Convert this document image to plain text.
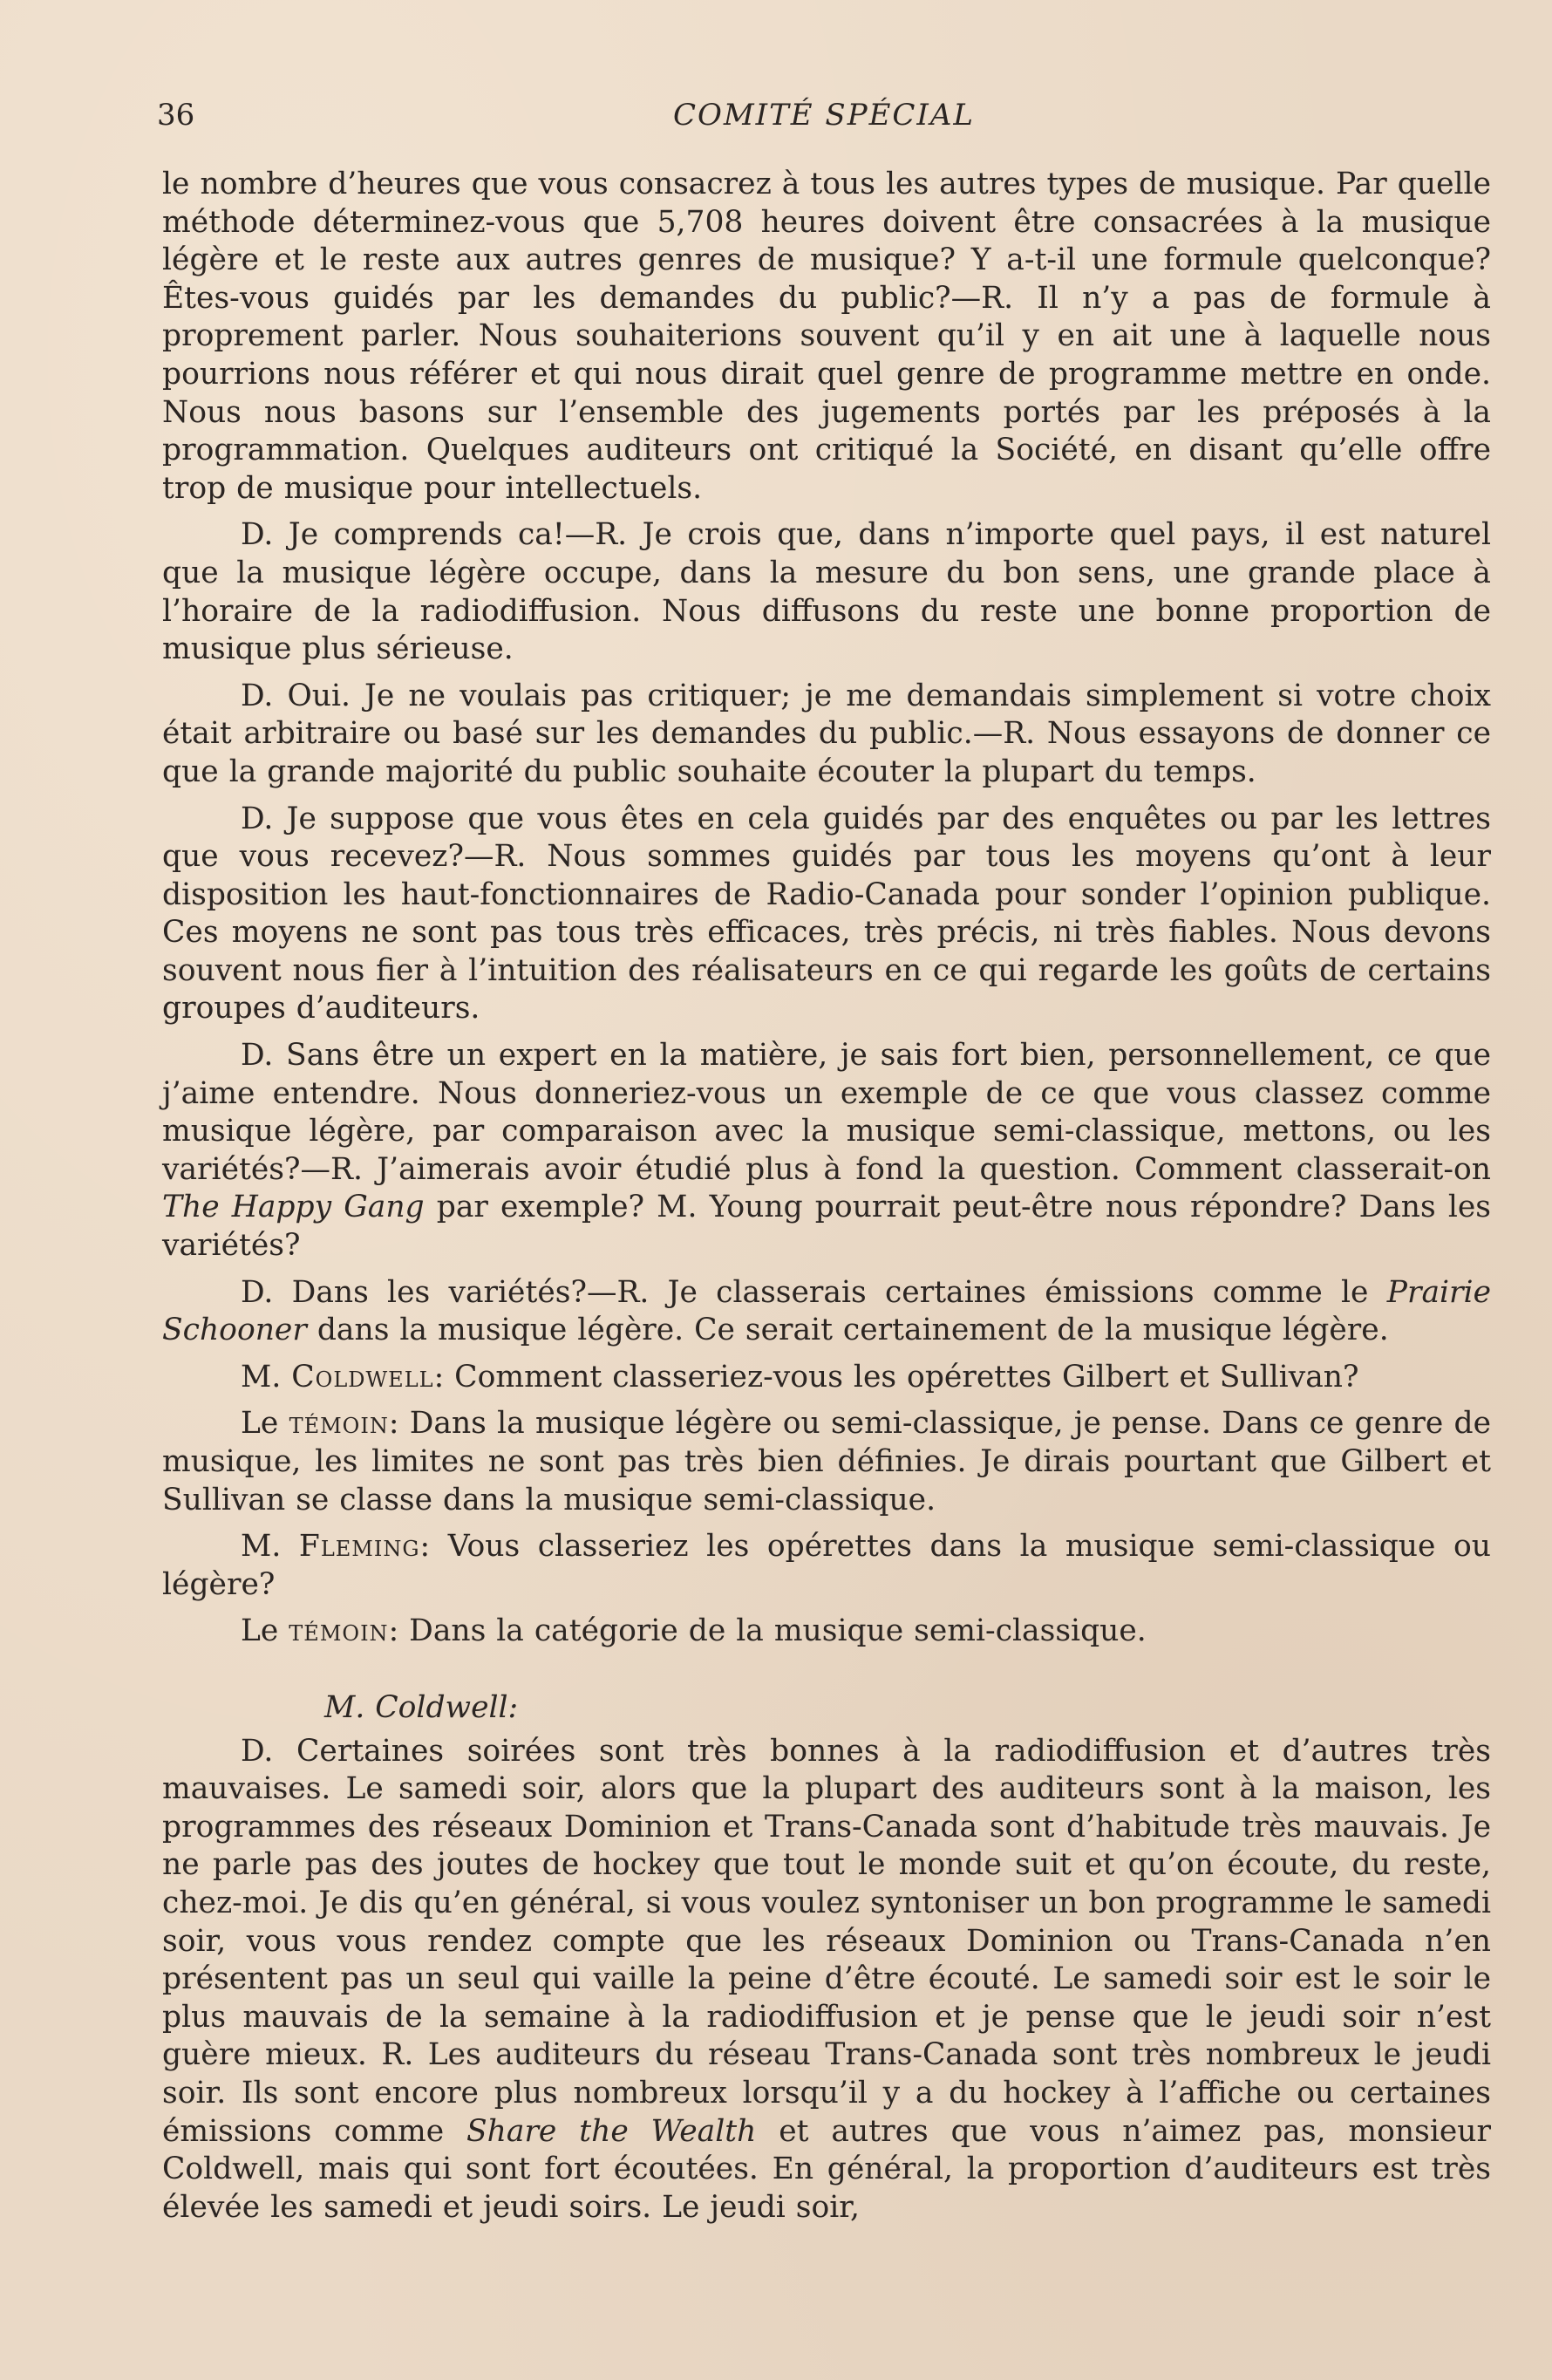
36	COMITÉ SPÉCIAL

le nombre d’heures que vous consacrez à tous les autres types de musique. Par quelle méthode déterminez-vous que 5,708 heures doivent être consacrées à la musique légère et le reste aux autres genres de musique? Y a-t-il une formule quelconque? Êtes-vous guidés par les demandes du public?—R. Il n’y a pas de formule à proprement parler. Nous souhaiterions souvent qu’il y en ait une à laquelle nous pourrions nous référer et qui nous dirait quel genre de programme mettre en onde. Nous nous basons sur l’ensemble des jugements portés par les préposés à la programmation. Quelques auditeurs ont critiqué la Société, en disant qu’elle offre trop de musique pour intellectuels.

D. Je comprends ca!—R. Je crois que, dans n’importe quel pays, il est naturel que la musique légère occupe, dans la mesure du bon sens, une grande place à l’horaire de la radiodiffusion. Nous diffusons du reste une bonne proportion de musique plus sérieuse.

D. Oui. Je ne voulais pas critiquer; je me demandais simplement si votre choix était arbitraire ou basé sur les demandes du public.—R. Nous essayons de donner ce que la grande majorité du public souhaite écouter la plupart du temps.

D. Je suppose que vous êtes en cela guidés par des enquêtes ou par les lettres que vous recevez?—R. Nous sommes guidés par tous les moyens qu’ont à leur disposition les haut-fonctionnaires de Radio-Canada pour sonder l’opinion publique. Ces moyens ne sont pas tous très efficaces, très précis, ni très fiables. Nous devons souvent nous fier à l’intuition des réalisateurs en ce qui regarde les goûts de certains groupes d’auditeurs.

D. Sans être un expert en la matière, je sais fort bien, personnellement, ce que j’aime entendre. Nous donneriez-vous un exemple de ce que vous classez comme musique légère, par comparaison avec la musique semi-classique, mettons, ou les variétés?—R. J’aimerais avoir étudié plus à fond la question. Comment classerait-on The Happy Gang par exemple? M. Young pourrait peut-être nous répondre? Dans les variétés?

D. Dans les variétés?—R. Je classerais certaines émissions comme le Prairie Schooner dans la musique légère. Ce serait certainement de la musique légère.

M. Coldwell: Comment classeriez-vous les opérettes Gilbert et Sullivan?

Le témoin: Dans la musique légère ou semi-classique, je pense. Dans ce genre de musique, les limites ne sont pas très bien définies. Je dirais pourtant que Gilbert et Sullivan se classe dans la musique semi-classique.

M. Fleming: Vous classeriez les opérettes dans la musique semi-classique ou légère?

Le témoin: Dans la catégorie de la musique semi-classique.

M. Coldwell:

D. Certaines soirées sont très bonnes à la radiodiffusion et d’autres très mauvaises. Le samedi soir, alors que la plupart des auditeurs sont à la maison, les programmes des réseaux Dominion et Trans-Canada sont d’habitude très mauvais. Je ne parle pas des joutes de hockey que tout le monde suit et qu’on écoute, du reste, chez-moi. Je dis qu’en général, si vous voulez syntoniser un bon programme le samedi soir, vous vous rendez compte que les réseaux Dominion ou Trans-Canada n’en présentent pas un seul qui vaille la peine d’être écouté. Le samedi soir est le soir le plus mauvais de la semaine à la radiodiffusion et je pense que le jeudi soir n’est guère mieux. R. Les auditeurs du réseau Trans-Canada sont très nombreux le jeudi soir. Ils sont encore plus nombreux lorsqu’il y a du hockey à l’affiche ou certaines émissions comme Share the Wealth et autres que vous n’aimez pas, monsieur Coldwell, mais qui sont fort écoutées. En général, la proportion d’auditeurs est très élevée les samedi et jeudi soirs. Le jeudi soir,
